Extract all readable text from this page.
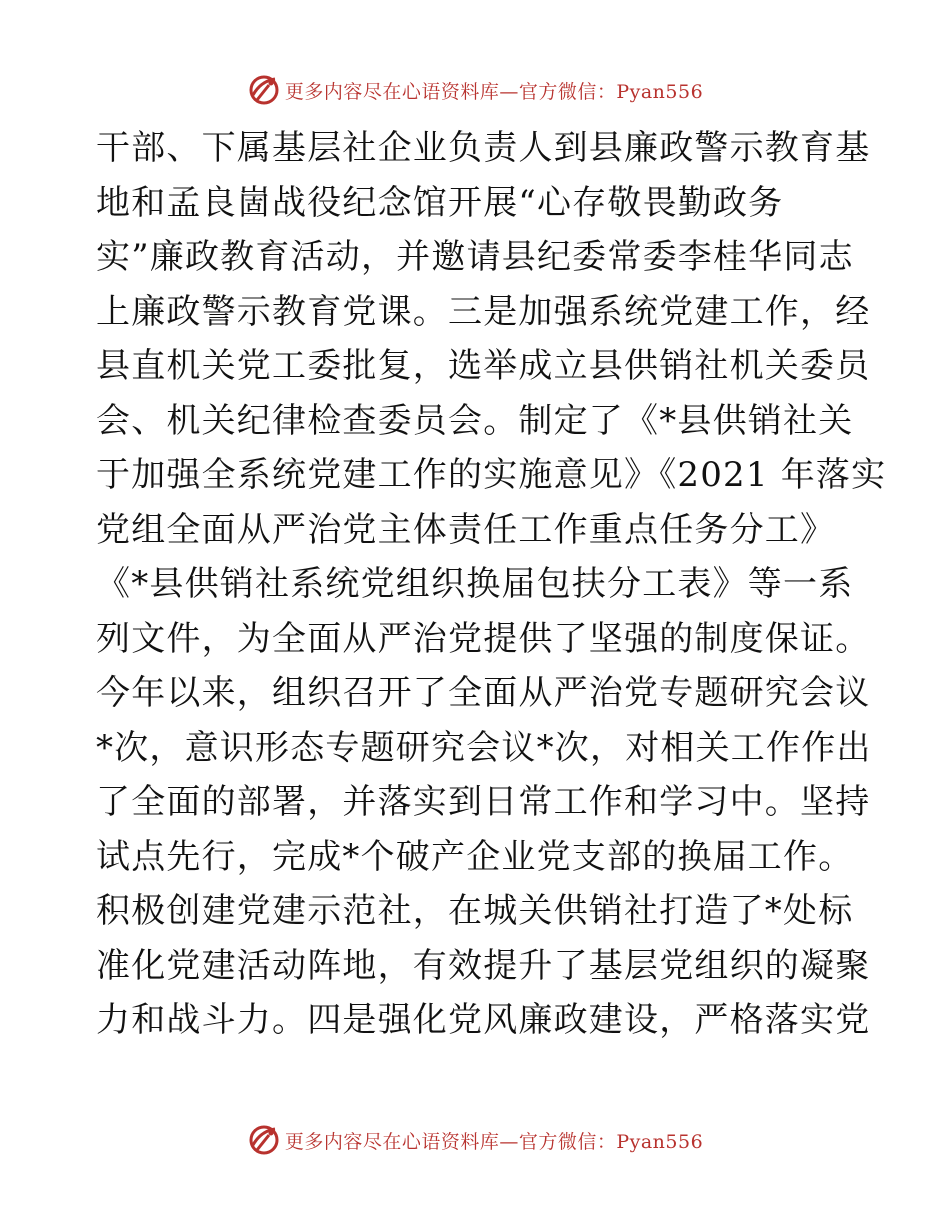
更多内容尽在心语资料库—官方微信：Pyan556
干部、下属基层社企业负责人到县廉政警示教育基
地和孟良崮战役纪念馆开展“心存敬畏勤政务
实”廉政教育活动，并邀请县纪委常委李桂华同志
上廉政警示教育党课。三是加强系统党建工作，经
县直机关党工委批复，选举成立县供销社机关委员
会、机关纪律检查委员会。制定了《*县供销社关
于加强全系统党建工作的实施意见》《2021 年落实
党组全面从严治党主体责任工作重点任务分工》
《*县供销社系统党组织换届包扶分工表》等一系
列文件，为全面从严治党提供了坚强的制度保证。
今年以来，组织召开了全面从严治党专题研究会议
*次，意识形态专题研究会议*次，对相关工作作出
了全面的部署，并落实到日常工作和学习中。坚持
试点先行，完成*个破产企业党支部的换届工作。
积极创建党建示范社，在城关供销社打造了*处标
准化党建活动阵地，有效提升了基层党组织的凝聚
力和战斗力。四是强化党风廉政建设，严格落实党
更多内容尽在心语资料库—官方微信：Pyan556
